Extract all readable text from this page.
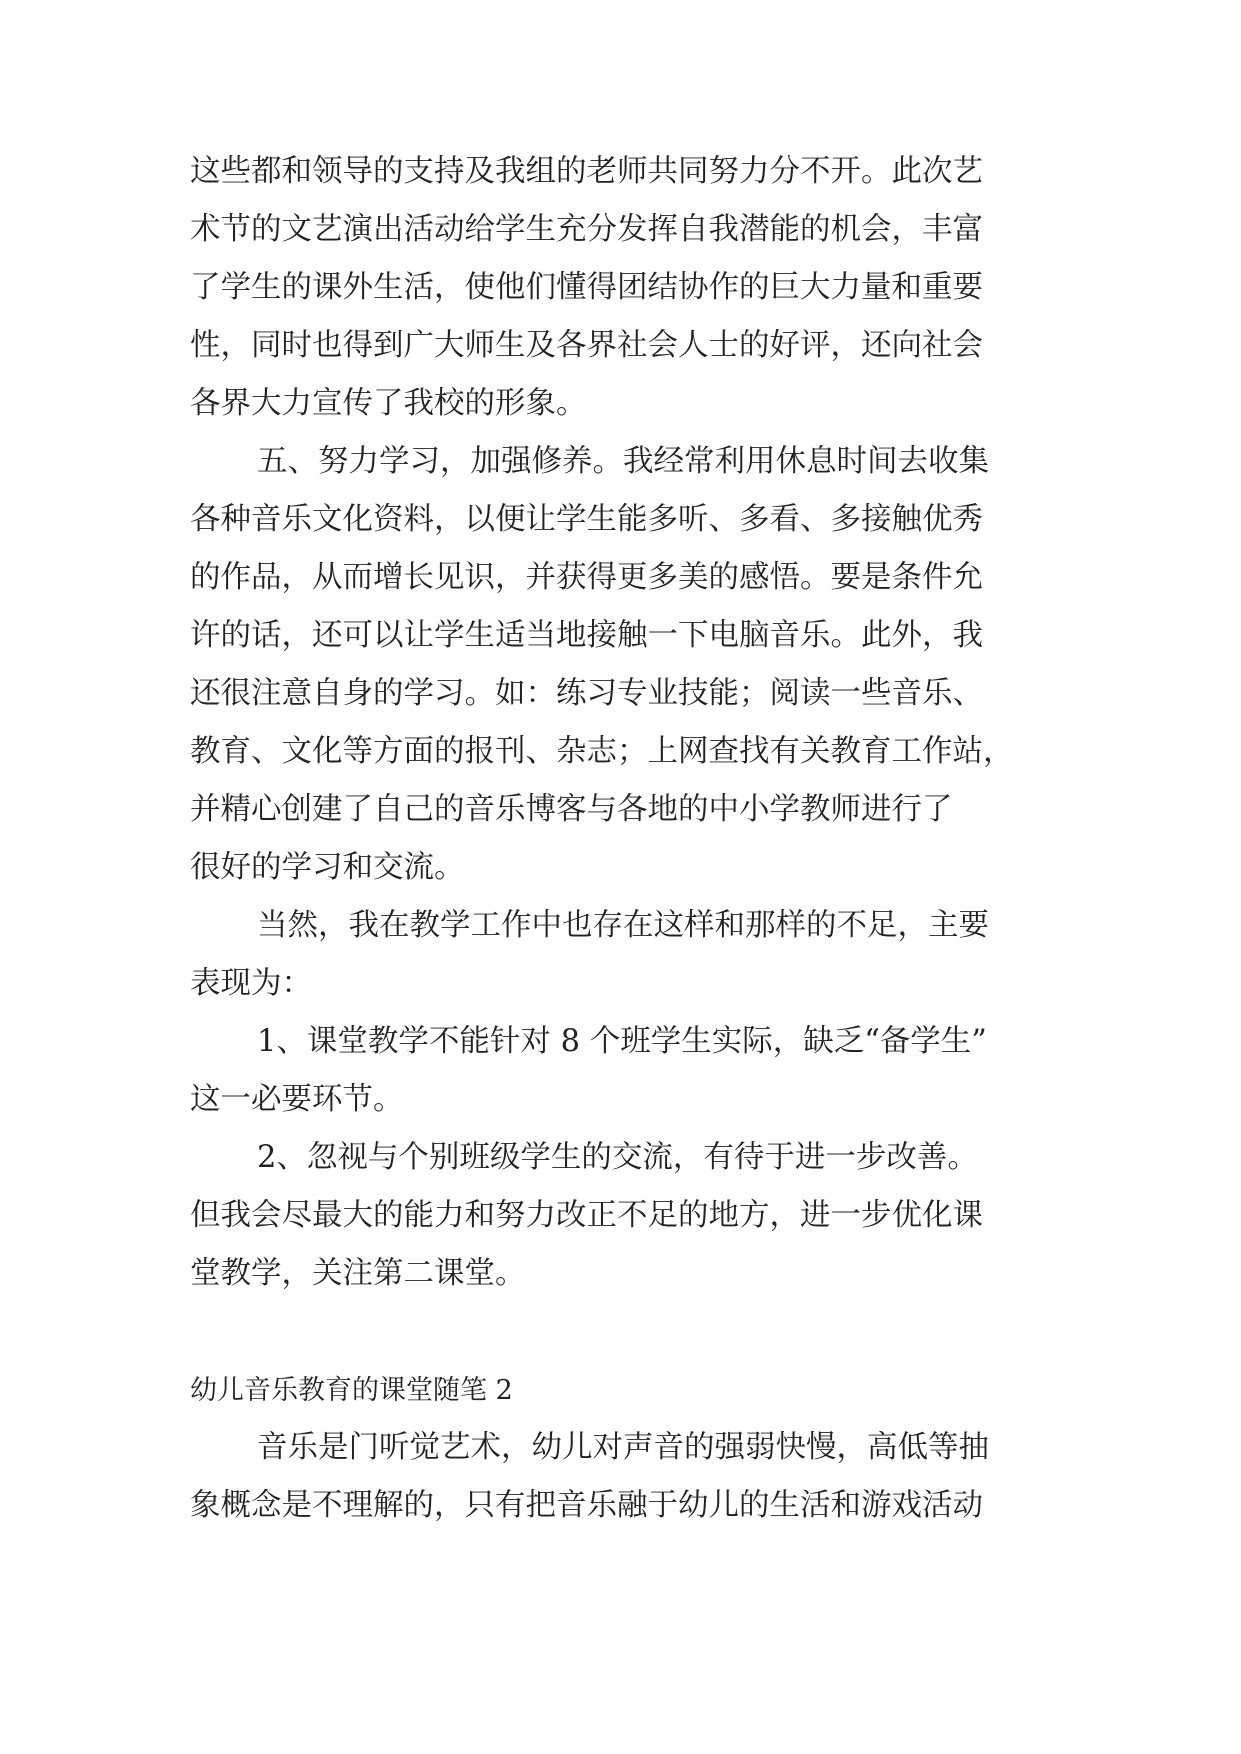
这些都和领导的支持及我组的老师共同努力分不开。此次艺
术节的文艺演出活动给学生充分发挥自我潜能的机会，丰富
了学生的课外生活，使他们懂得团结协作的巨大力量和重要
性，同时也得到广大师生及各界社会人士的好评，还向社会
各界大力宣传了我校的形象。
五、努力学习，加强修养。我经常利用休息时间去收集
各种音乐文化资料，以便让学生能多听、多看、多接触优秀
的作品，从而增长见识，并获得更多美的感悟。要是条件允
许的话，还可以让学生适当地接触一下电脑音乐。此外，我
还很注意自身的学习。如：练习专业技能；阅读一些音乐、
教育、文化等方面的报刊、杂志；上网查找有关教育工作站，
并精心创建了自己的音乐博客与各地的中小学教师进行了
很好的学习和交流。
当然，我在教学工作中也存在这样和那样的不足，主要
表现为：
1、课堂教学不能针对 8 个班学生实际，缺乏“备学生”
这一必要环节。
2、忽视与个别班级学生的交流，有待于进一步改善。
但我会尽最大的能力和努力改正不足的地方，进一步优化课
堂教学，关注第二课堂。
幼儿音乐教育的课堂随笔 2
音乐是门听觉艺术，幼儿对声音的强弱快慢，高低等抽
象概念是不理解的，只有把音乐融于幼儿的生活和游戏活动
